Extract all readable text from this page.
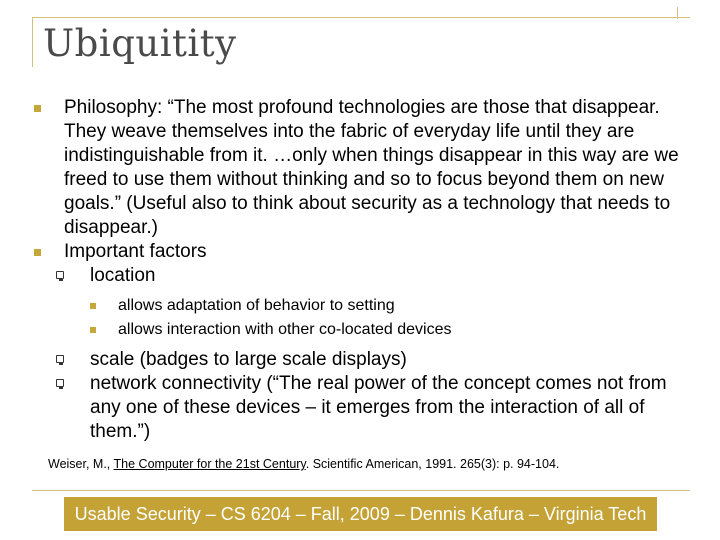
Ubiquitity
Philosophy: “The most profound technologies are those that disappear. They weave themselves into the fabric of everyday life until they are indistinguishable from it. …only when things disappear in this way are we freed to use them without thinking and so to focus beyond them on new goals.” (Useful also to think about security as a technology that needs to disappear.)
Important factors
location
allows adaptation of behavior to setting
allows interaction with other co-located devices
scale (badges to large scale displays)
network connectivity (“The real power of the concept comes not from any one of these devices – it emerges from the interaction of all of them.”)
Weiser, M., The Computer for the 21st Century. Scientific American, 1991. 265(3): p. 94-104.
Usable Security – CS 6204 – Fall, 2009 – Dennis Kafura – Virginia Tech
